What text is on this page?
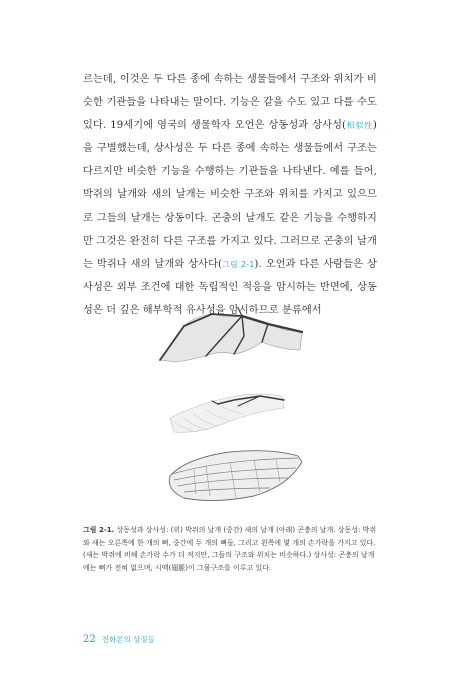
르는데, 이것은 두 다른 종에 속하는 생물들에서 구조와 위치가 비슷한 기관들을 나타내는 말이다. 기능은 같을 수도 있고 다를 수도 있다. 19세기에 영국의 생물학자 오언은 상동성과 상사성(相似性)을 구별했는데, 상사성은 두 다른 종에 속하는 생물들에서 구조는 다르지만 비슷한 기능을 수행하는 기관들을 나타낸다. 예를 들어, 박쥐의 날개와 새의 날개는 비슷한 구조와 위치를 가지고 있으므로 그들의 날개는 상동이다. 곤충의 날개도 같은 기능을 수행하지만 그것은 완전히 다른 구조를 가지고 있다. 그러므로 곤충의 날개는 박쥐나 새의 날개와 상사다(그림 2-1). 오언과 다른 사람들은 상사성은 외부 조건에 대한 독립적인 적응을 암시하는 반면에, 상동성은 더 깊은 해부학적 유사성을 암시하므로 분류에서

그림 2-1. 상동성과 상사성: (위) 박쥐의 날개 (중간) 새의 날개 (아래) 곤충의 날개. 상동성: 박쥐와 새는 오른쪽에 한 개의 뼈, 중간에 두 개의 뼈들, 그리고 왼쪽에 몇 개의 손가락을 가지고 있다. (새는 박쥐에 비해 손가락 수가 더 적지만, 그들의 구조와 위치는 비슷하다.) 상사성: 곤충의 날개에는 뼈가 전혀 없으며, 시맥(翅脈)이 그물구조를 이루고 있다.
22 진화론의 상징들
